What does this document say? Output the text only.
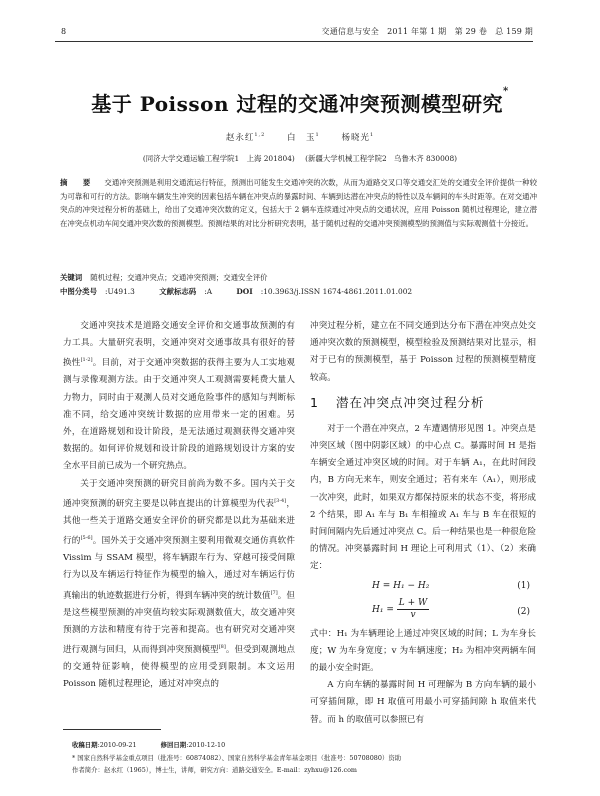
8	交通信息与安全　2011 年第 1 期　第 29 卷　总 159 期
基于 Poisson 过程的交通冲突预测模型研究*
赵永红$^{1,2}$	白　玉$^1$	杨晓光$^1$
(同济大学交通运输工程学院1　上海 201804) (新疆大学机械工程学院2　乌鲁木齐 830008)
摘　要 交通冲突预测是利用交通流运行特征，预测出可能发生交通冲突的次数，从而为道路交叉口等交通交汇处的交通安全评价提供一种较为可靠和可行的方法。影响车辆发生冲突的因素包括车辆在冲突点的暴露时间、车辆到达潜在冲突点的特性以及车辆间的车头时距等。在对交通冲突点的冲突过程分析的基础上，给出了交通冲突次数的定义，包括大于 2 辆车连续通过冲突点的交通状况，应用 Poisson 随机过程理论，建立潜在冲突点机动车间交通冲突次数的预测模型。预测结果的对比分析研究表明，基于随机过程的交通冲突预测模型的预测值与实际观测值十分接近。
关键词 随机过程；交通冲突点；交通冲突预测；交通安全评价
中图分类号 :U491.3	文献标志码 :A	DOI :10.3963/j.ISSN 1674-4861.2011.01.002

交通冲突技术是道路交通安全评价和交通事故预测的有力工具。大量研究表明，交通冲突对交通事故具有很好的替换性[1-2]。目前，对于交通冲突数据的获得主要为人工实地观测与录像观测方法。由于交通冲突人工观测需要耗费大量人力物力，同时由于观测人员对交通危险事件的感知与判断标准不同，给交通冲突统计数据的应用带来一定的困难。另外，在道路规划和设计阶段，是无法通过观测获得交通冲突数据的。如何评价规划和设计阶段的道路规划设计方案的安全水平目前已成为一个研究热点。

关于交通冲突预测的研究目前尚为数不多。国内关于交通冲突预测的研究主要是以韩直提出的计算模型为代表[3-4]，其他一些关于道路交通安全评价的研究都是以此为基础来进行的[5-6]。国外关于交通冲突预测主要利用微观交通仿真软件 Vissim 与 SSAM 模型，将车辆跟车行为、穿越可接受间隙行为以及车辆运行特征作为模型的输入，通过对车辆运行仿真输出的轨迹数据进行分析，得到车辆冲突的统计数值[7]。但是这些模型预测的冲突值均较实际观测数值大，故交通冲突预测的方法和精度有待于完善和提高。也有研究对交通冲突进行观测与回归，从而得到冲突预测模型[8]。但受到观测地点的交通特征影响，使得模型的应用受到限制。本文运用 Poisson 随机过程理论，通过对冲突点的

冲突过程分析，建立在不同交通到达分布下潜在冲突点处交通冲突次数的预测模型，模型检验及预测结果对比显示，相对于已有的预测模型，基于 Poisson 过程的预测模型精度较高。

1 潜在冲突点冲突过程分析

对于一个潜在冲突点，2 车遭遇情形见图 1。冲突点是冲突区域（图中阴影区域）的中心点 C。暴露时间 H 是指车辆安全通过冲突区域的时间。对于车辆 A₁，在此时间段内，B 方向无来车，则安全通过；若有来车（A₁），则形成一次冲突，此时，如果双方都保持原来的状态不变，将形成 2 个结果，即 A₁ 车与 B₁ 车相撞或 A₁ 车与 B 车在很短的时间间隔内先后通过冲突点 C。后一种结果也是一种很危险的情况。冲突暴露时间 H 理论上可利用式（1）、（2）来确定：

H = H₁ − H₂	(1)
$H_1 = \frac{L + W}{v}$	(2)

式中：H₁ 为车辆理论上通过冲突区域的时间；L 为车身长度；W 为车身宽度；v 为车辆速度；H₂ 为相冲突两辆车间的最小安全时距。

A 方向车辆的暴露时间 H 可理解为 B 方向车辆的最小可穿插间隙，即 H 取值可用最小可穿插间隙 h 取值来代替。而 h 的取值可以参照已有

收稿日期:2010-09-21	修回日期:2010-12-10
* 国家自然科学基金重点项目（批准号：60874082）、国家自然科学基金青年基金项目（批准号：50708080）资助
作者简介：赵永红（1965），博士生，讲师，研究方向：道路交通安全。E-mail：zyhxu@126.com
